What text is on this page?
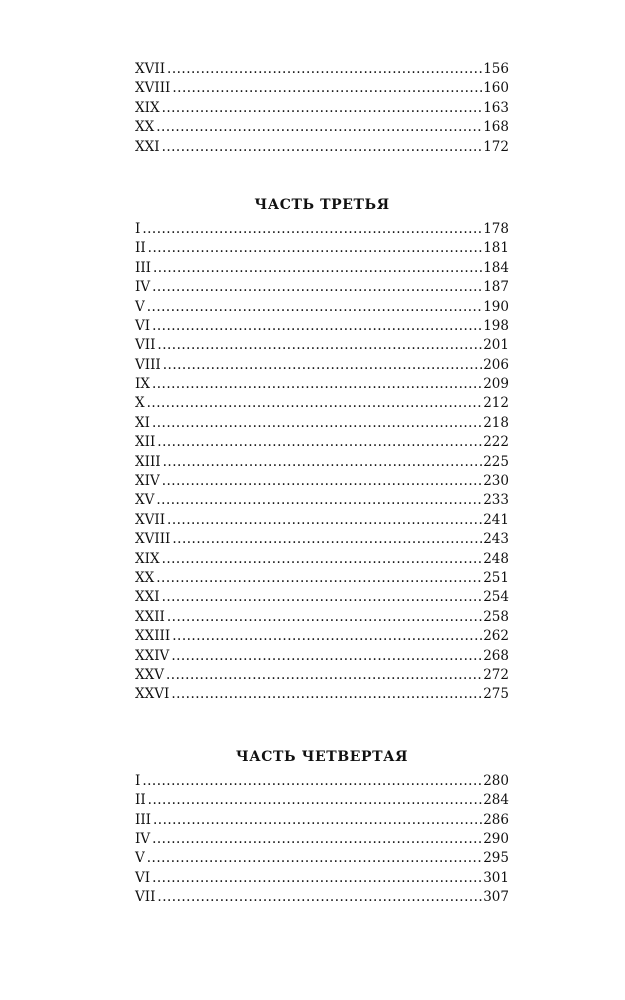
XVII .....	156
XVIII .....	160
XIX .....	163
XX .....	168
XXI .....	172
ЧАСТЬ ТРЕТЬЯ
I .....	178
II .....	181
III .....	184
IV .....	187
V .....	190
VI .....	198
VII .....	201
VIII .....	206
IX .....	209
X .....	212
XI .....	218
XII .....	222
XIII .....	225
XIV .....	230
XV .....	233
XVII .....	241
XVIII .....	243
XIX .....	248
XX .....	251
XXI .....	254
XXII .....	258
XXIII .....	262
XXIV .....	268
XXV .....	272
XXVI .....	275
ЧАСТЬ ЧЕТВЕРТАЯ
I .....	280
II .....	284
III .....	286
IV .....	290
V .....	295
VI .....	301
VII .....	307
